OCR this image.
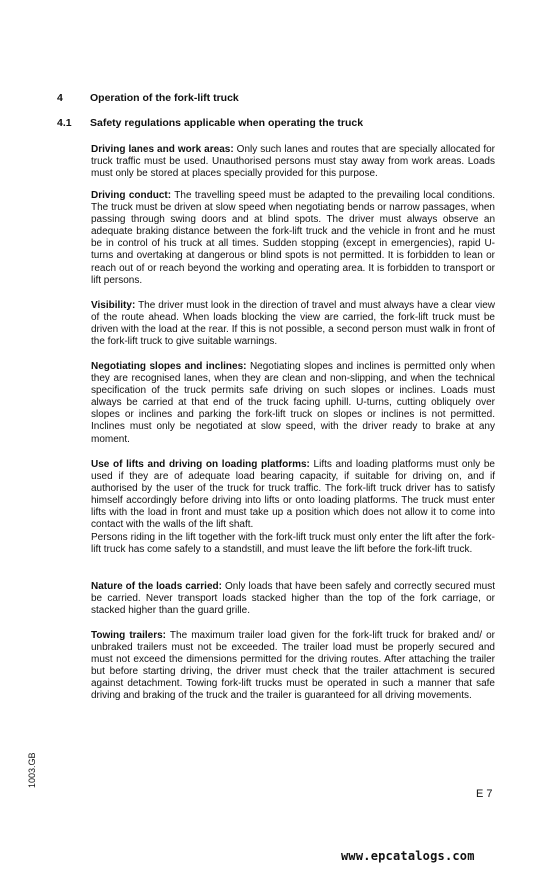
4	Operation of the fork-lift truck
4.1 Safety regulations applicable when operating the truck

Driving lanes and work areas: Only such lanes and routes that are specially allocated for truck traffic must be used. Unauthorised persons must stay away from work areas. Loads must only be stored at places specially provided for this purpose.

Driving conduct: The travelling speed must be adapted to the prevailing local conditions. The truck must be driven at slow speed when negotiating bends or narrow passages, when passing through swing doors and at blind spots. The driver must always observe an adequate braking distance between the fork-lift truck and the vehicle in front and he must be in control of his truck at all times. Sudden stopping (except in emergencies), rapid U-turns and overtaking at dangerous or blind spots is not permitted. It is forbidden to lean or reach out of or reach beyond the working and operating area. It is forbidden to transport or lift persons.

Visibility: The driver must look in the direction of travel and must always have a clear view of the route ahead. When loads blocking the view are carried, the fork-lift truck must be driven with the load at the rear. If this is not possible, a second person must walk in front of the fork-lift truck to give suitable warnings.

Negotiating slopes and inclines: Negotiating slopes and inclines is permitted only when they are recognised lanes, when they are clean and non-slipping, and when the technical specification of the truck permits safe driving on such slopes or inclines. Loads must always be carried at that end of the truck facing uphill. U-turns, cutting obliquely over slopes or inclines and parking the fork-lift truck on slopes or inclines is not permitted. Inclines must only be negotiated at slow speed, with the driver ready to brake at any moment.

Use of lifts and driving on loading platforms: Lifts and loading platforms must only be used if they are of adequate load bearing capacity, if suitable for driving on, and if authorised by the user of the truck for truck traffic. The fork-lift truck driver has to satisfy himself accordingly before driving into lifts or onto loading platforms. The truck must enter lifts with the load in front and must take up a position which does not allow it to come into contact with the walls of the lift shaft.

Persons riding in the lift together with the fork-lift truck must only enter the lift after the fork-lift truck has come safely to a standstill, and must leave the lift before the fork-lift truck.

Nature of the loads carried: Only loads that have been safely and correctly secured must be carried. Never transport loads stacked higher than the top of the fork carriage, or stacked higher than the guard grille.

Towing trailers: The maximum trailer load given for the fork-lift truck for braked and/ or unbraked trailers must not be exceeded. The trailer load must be properly secured and must not exceed the dimensions permitted for the driving routes. After attaching the trailer but before starting driving, the driver must check that the trailer attachment is secured against detachment. Towing fork-lift trucks must be operated in such a manner that safe driving and braking of the truck and the trailer is guaranteed for all driving movements.

1003.GB
E 7
www.epcatalogs.com
